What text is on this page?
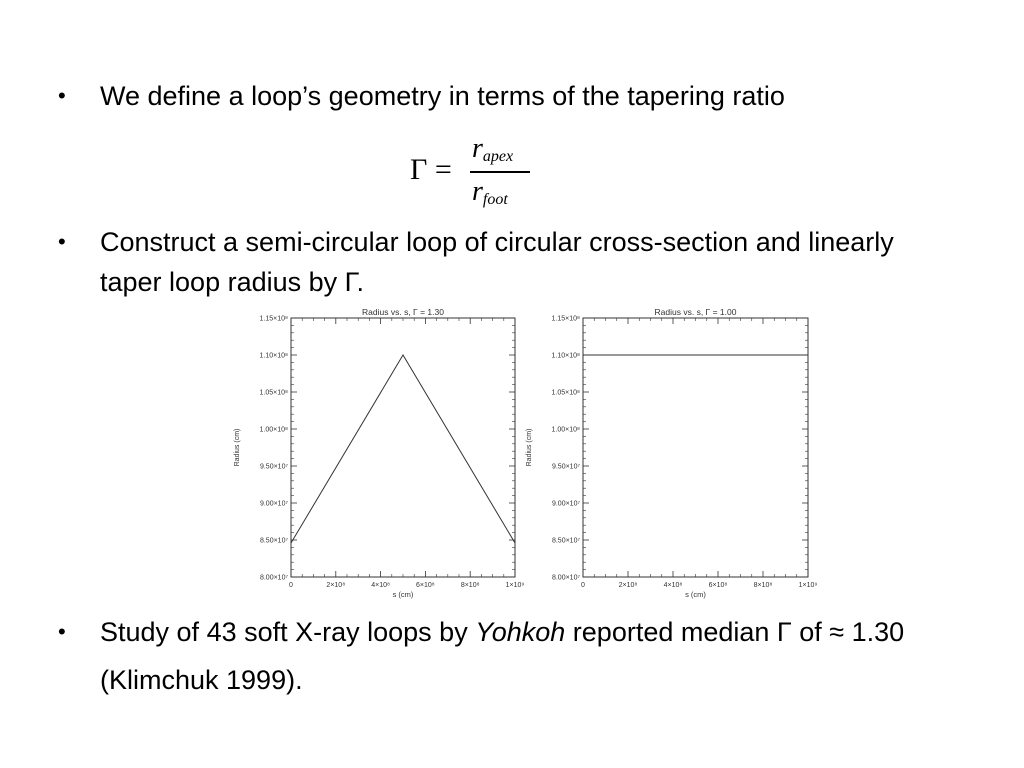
• We define a loop’s geometry in terms of the tapering ratio
Γ =
$r_{apex}$
$r_{foot}$
• Construct a semi-circular loop of circular cross-section and linearly taper loop radius by Γ.
Radius vs. s, Γ = 1.30
s (cm)
Radius (cm)
8.00×10⁷
8.50×10⁷
9.00×10⁷
9.50×10⁷
1.00×10⁸
1.05×10⁸
1.10×10⁸
1.15×10⁸
0	2×10⁸	4×10⁸	6×10⁸	8×10⁸	1×10⁹
Radius vs. s, Γ = 1.00
s (cm)
Radius (cm)
8.00×10⁷
8.50×10⁷
9.00×10⁷
9.50×10⁷
1.00×10⁸
1.05×10⁸
1.10×10⁸
1.15×10⁸
0	2×10⁸	4×10⁸	6×10⁸	8×10⁸	1×10⁹
• Study of 43 soft X-ray loops by Yohkoh reported median Γ of ≈ 1.30 (Klimchuk 1999).
